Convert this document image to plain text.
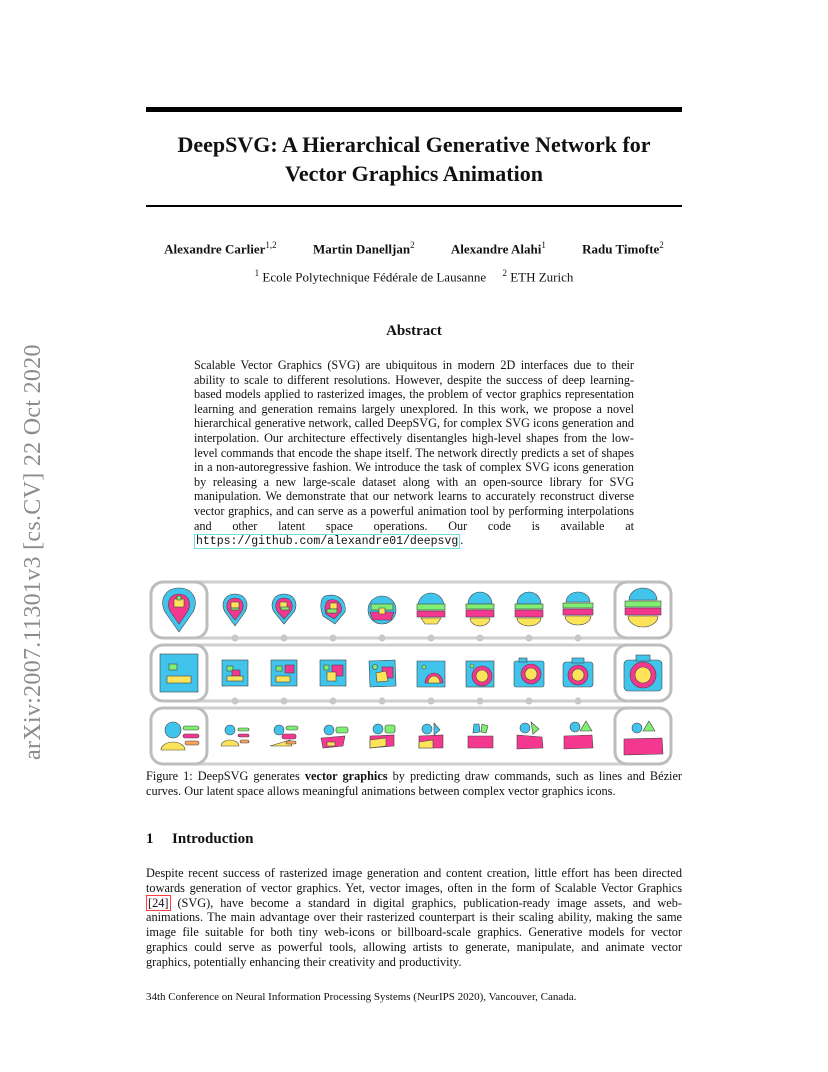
arXiv:2007.11301v3 [cs.CV] 22 Oct 2020
DeepSVG: A Hierarchical Generative Network for
Vector Graphics Animation
Alexandre Carlier$^{1,2}$	Martin Danelljan$^2$	Alexandre Alahi$^1$	Radu Timofte$^2$
$^1$ Ecole Polytechnique Fédérale de Lausanne $^2$ ETH Zurich
Abstract
Scalable Vector Graphics (SVG) are ubiquitous in modern 2D interfaces due to their ability to scale to different resolutions. However, despite the success of deep learning-based models applied to rasterized images, the problem of vector graphics representation learning and generation remains largely unexplored. In this work, we propose a novel hierarchical generative network, called DeepSVG, for complex SVG icons generation and interpolation. Our architecture effectively disentangles high-level shapes from the low-level commands that encode the shape itself. The network directly predicts a set of shapes in a non-autoregressive fashion. We introduce the task of complex SVG icons generation by releasing a new large-scale dataset along with an open-source library for SVG manipulation. We demonstrate that our network learns to accurately reconstruct diverse vector graphics, and can serve as a powerful animation tool by performing interpolations and other latent space operations. Our code is available at https://github.com/alexandre01/deepsvg .
Figure 1: DeepSVG generates vector graphics by predicting draw commands, such as lines and Bézier curves. Our latent space allows meaningful animations between complex vector graphics icons.
1 Introduction
Despite recent success of rasterized image generation and content creation, little effort has been directed towards generation of vector graphics. Yet, vector images, often in the form of Scalable Vector Graphics [24] (SVG), have become a standard in digital graphics, publication-ready image assets, and web-animations. The main advantage over their rasterized counterpart is their scaling ability, making the same image file suitable for both tiny web-icons or billboard-scale graphics. Generative models for vector graphics could serve as powerful tools, allowing artists to generate, manipulate, and animate vector graphics, potentially enhancing their creativity and productivity.
34th Conference on Neural Information Processing Systems (NeurIPS 2020), Vancouver, Canada.
